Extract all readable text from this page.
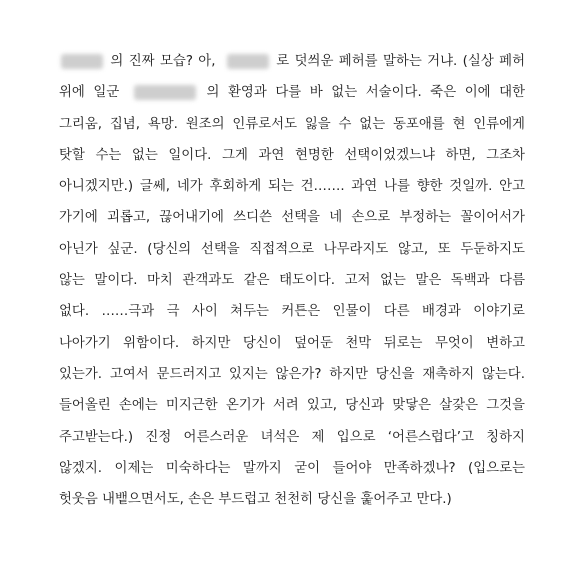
의 진짜 모습? 아,	로 덧씌운 페허를 말하는 거냐. (실상 페허
위에 일군	의 환영과 다를 바 없는 서술이다. 죽은 이에 대한
그리움, 집념, 욕망. 원조의 인류로서도 잃을 수 없는 동포애를 현 인류에게
탓할 수는 없는 일이다. 그게 과연 현명한 선택이었겠느냐 하면, 그조차
아니겠지만.) 글쎄, 네가 후회하게 되는 건……. 과연 나를 향한 것일까. 안고
가기에 괴롭고, 끊어내기에 쓰디쓴 선택을 네 손으로 부정하는 꼴이어서가
아닌가 싶군. (당신의 선택을 직접적으로 나무라지도 않고, 또 두둔하지도
않는 말이다. 마치 관객과도 같은 태도이다. 고저 없는 말은 독백과 다름
없다. ……극과 극 사이 쳐두는 커튼은 인물이 다른 배경과 이야기로
나아가기 위함이다. 하지만 당신이 덮어둔 천막 뒤로는 무엇이 변하고
있는가. 고여서 문드러지고 있지는 않은가? 하지만 당신을 재촉하지 않는다.
들어올린 손에는 미지근한 온기가 서려 있고, 당신과 맞닿은 살갗은 그것을
주고받는다.) 진정 어른스러운 녀석은 제 입으로 ‘어른스럽다’고 칭하지
않겠지. 이제는 미숙하다는 말까지 굳이 들어야 만족하겠나? (입으로는
헛웃음 내뱉으면서도, 손은 부드럽고 천천히 당신을 훑어주고 만다.)
